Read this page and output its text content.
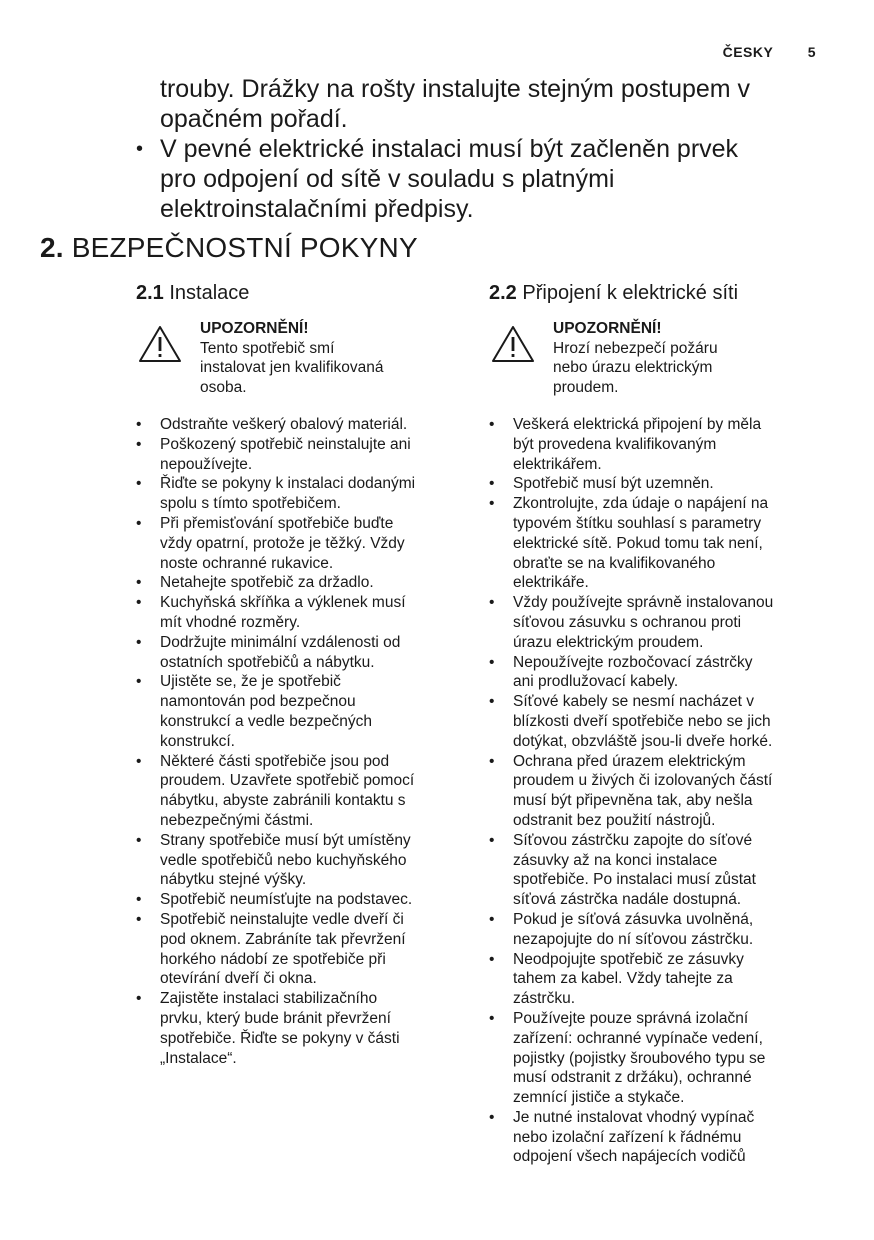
ČESKY 5
trouby. Drážky na rošty instalujte stejným postupem v
opačném pořadí.
• V pevné elektrické instalaci musí být začleněn prvek
pro odpojení od sítě v souladu s platnými
elektroinstalačními předpisy.
2. BEZPEČNOSTNÍ POKYNY
2.1 Instalace
UPOZORNĚNÍ!
Tento spotřebič smí
instalovat jen kvalifikovaná
osoba.
• Odstraňte veškerý obalový materiál.
• Poškozený spotřebič neinstalujte ani
nepoužívejte.
• Řiďte se pokyny k instalaci dodanými
spolu s tímto spotřebičem.
• Při přemisťování spotřebiče buďte
vždy opatrní, protože je těžký. Vždy
noste ochranné rukavice.
• Netahejte spotřebič za držadlo.
• Kuchyňská skříňka a výklenek musí
mít vhodné rozměry.
• Dodržujte minimální vzdálenosti od
ostatních spotřebičů a nábytku.
• Ujistěte se, že je spotřebič
namontován pod bezpečnou
konstrukcí a vedle bezpečných
konstrukcí.
• Některé části spotřebiče jsou pod
proudem. Uzavřete spotřebič pomocí
nábytku, abyste zabránili kontaktu s
nebezpečnými částmi.
• Strany spotřebiče musí být umístěny
vedle spotřebičů nebo kuchyňského
nábytku stejné výšky.
• Spotřebič neumísťujte na podstavec.
• Spotřebič neinstalujte vedle dveří či
pod oknem. Zabráníte tak převržení
horkého nádobí ze spotřebiče při
otevírání dveří či okna.
• Zajistěte instalaci stabilizačního
prvku, který bude bránit převržení
spotřebiče. Řiďte se pokyny v části
„Instalace“.
2.2 Připojení k elektrické síti
UPOZORNĚNÍ!
Hrozí nebezpečí požáru
nebo úrazu elektrickým
proudem.
• Veškerá elektrická připojení by měla
být provedena kvalifikovaným
elektrikářem.
• Spotřebič musí být uzemněn.
• Zkontrolujte, zda údaje o napájení na
typovém štítku souhlasí s parametry
elektrické sítě. Pokud tomu tak není,
obraťte se na kvalifikovaného
elektrikáře.
• Vždy používejte správně instalovanou
síťovou zásuvku s ochranou proti
úrazu elektrickým proudem.
• Nepoužívejte rozbočovací zástrčky
ani prodlužovací kabely.
• Síťové kabely se nesmí nacházet v
blízkosti dveří spotřebiče nebo se jich
dotýkat, obzvláště jsou-li dveře horké.
• Ochrana před úrazem elektrickým
proudem u živých či izolovaných částí
musí být připevněna tak, aby nešla
odstranit bez použití nástrojů.
• Síťovou zástrčku zapojte do síťové
zásuvky až na konci instalace
spotřebiče. Po instalaci musí zůstat
síťová zástrčka nadále dostupná.
• Pokud je síťová zásuvka uvolněná,
nezapojujte do ní síťovou zástrčku.
• Neodpojujte spotřebič ze zásuvky
tahem za kabel. Vždy tahejte za
zástrčku.
• Používejte pouze správná izolační
zařízení: ochranné vypínače vedení,
pojistky (pojistky šroubového typu se
musí odstranit z držáku), ochranné
zemnící jističe a stykače.
• Je nutné instalovat vhodný vypínač
nebo izolační zařízení k řádnému
odpojení všech napájecích vodičů
